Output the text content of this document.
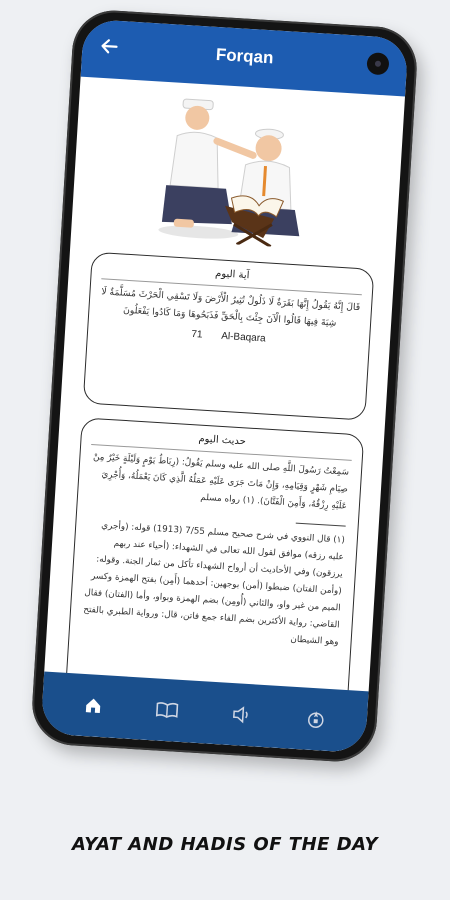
Forqan
آية اليوم
قَالَ إِنَّهُ يَقُولُ إِنَّهَا بَقَرَةٌ لَا ذَلُولٌ تُثِيرُ الْأَرْضَ وَلَا تَسْقِي الْحَرْثَ مُسَلَّمَةٌ لَا شِيَةَ فِيهَا قَالُوا الْآنَ جِئْتَ بِالْحَقِّ فَذَبَحُوهَا وَمَا كَادُوا يَفْعَلُونَ
71 Al-Baqara
حديث اليوم
سَمِعْتُ رَسُولَ اللَّهِ صلى الله عليه وسلم يَقُولُ: (رِبَاطُ يَوْمٍ وَلَيْلَةٍ خَيْرٌ مِنْ صِيَامِ شَهْرٍ وَقِيَامِهِ، وَإِنْ مَاتَ جَرَى عَلَيْهِ عَمَلُهُ الَّذِي كَانَ يَعْمَلُهُ، وَأُجْرِيَ عَلَيْهِ رِزْقُهُ، وَأَمِنَ الْفَتَّانَ). (١) رواه مسلم
(١) قال النووي في شرح صحيح مسلم 7/55 (1913) قوله: (وأجري عليه رزقه) موافق لقول الله تعالى في الشهداء: (أحياء عند ربهم يرزقون) وفي الأحاديث أن أرواح الشهداء تأكل من ثمار الجنة. وقوله: (وأمن الفتان) ضبطوا (أمن) بوجهين: أحدهما (أَمِن) بفتح الهمزة وكسر الميم من غير واو، والثاني (أُومِن) بضم الهمزة وبواو، وأما (الفتان) فقال القاضي: رواية الأكثرين بضم الفاء جمع فاتن، قال: ورواية الطبري بالفتح وهو الشيطان
AYAT AND HADIS OF THE DAY
